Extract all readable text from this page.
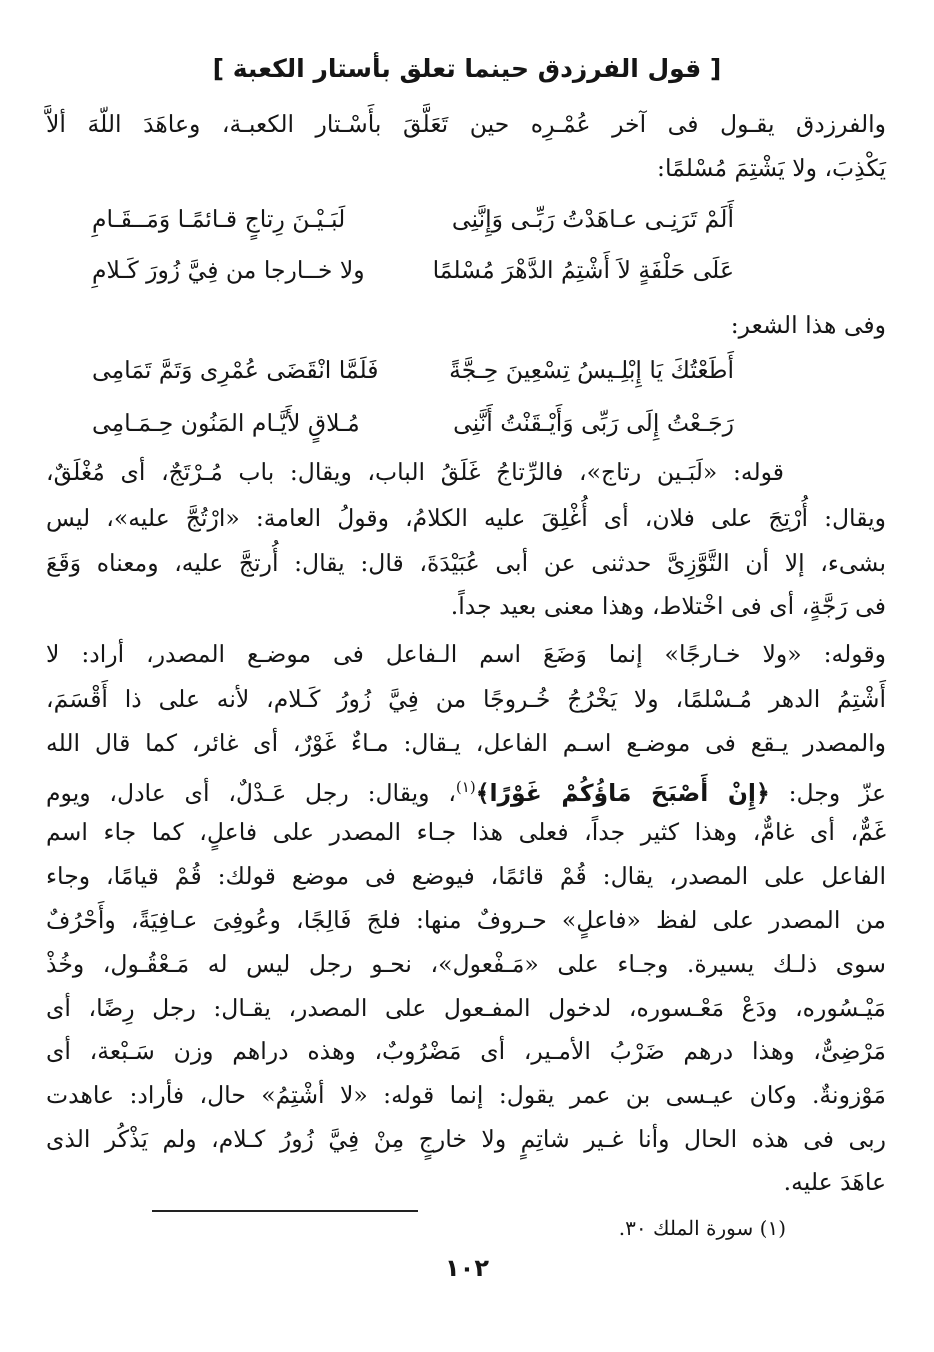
[ قول الفرزدق حينما تعلق بأستار الكعبة ]
والفرزدق يقـول فى آخر عُمْـرِه حين تَعَلَّقَ بأَسْـتار الكعبـة، وعاهَدَ اللّهَ ألاَّ
يَكْذِبَ، ولا يَشْتِمَ مُسْلمًا:
أَلَمْ تَرَنِـى عـاهَدْتُ رَبِّـى وَإِنَّنِى
لَبَـيْـنَ رِتاجٍ قـائمًـا وَمَــقَـامِ
عَلَى حَلْفَةٍ لاَ أَشْتِمُ الدَّهْرَ مُسْلمًا
ولا خــارجا من فِيَّ زُورَ كَـلامِ
وفى هذا الشعر:
أَطَعْتُكَ يَا إِبْلِـيسُ تِسْعِينَ حِـجَّةً
فَلَمَّا انْقَضَى عُمْرِى وَتَمَّ تَمَامِى
رَجَـعْتُ إِلَى رَبِّى وَأَيْـقَنْتُ أَنَّنِى
مُـلاقٍ لأَيَّـام المَنُون حِـمَـامِى
قوله: «لَبَـين رتاج»، فالرِّتاجُ غَلَقُ الباب، ويقال: باب مُـرْتَجٌ، أى مُغْلَقٌ،
ويقال: أُرْتِجَ على فلان، أى أُغْلِقَ عليه الكلامُ، وقولُ العامة: «ارْتُجَّ عليه»، ليس
بشىء، إلا أن التَّوَّزِىَّ حدثنى عن أبى عُبَيْدَةَ، قال: يقال: أُرتجَّ عليه، ومعناه وَقَعَ
فى رَجَّةٍ، أى فى اخْتلاط، وهذا معنى بعيد جداً.
وقوله: «ولا خـارجًا» إنما وَضَعَ اسم الـفاعل فى موضـع المصدر، أراد: لا
أَشْتِمُ الدهر مُـسْلمًا، ولا يَخْرُجُ خُـروجًا من فِيَّ زُورُ كَـلام، لأنه على ذا أَقْسَمَ،
والمصدر يـقع فى موضـع اسـم الفاعل، يـقال: مـاءٌ غَوْرٌ، أى غائر، كما قال الله
عزّ وجل: ﴿إِنْ أَصْبَحَ مَاؤُكُمْ غَوْرًا﴾$^{(١)}$، ويقال: رجل عَـدْلٌ، أى عادل، ويوم
غَمٌّ، أى غامٌّ، وهذا كثير جداً، فعلى هذا جـاء المصدر على فاعلٍ، كما جاء اسم
الفاعل على المصدر، يقال: قُمْ قائمًا، فيوضع فى موضع قولك: قُمْ قيامًا، وجاء
من المصدر على لفظ «فاعلٍ» حـروفٌ منها: فلجَ فَالِجًا، وعُوفِىَ عـافِيَةً، وأَحْرُفٌ
سوى ذلـك يسيرة. وجـاء على «مَـفْعول»، نحـو رجل ليس له مَـعْقُـول، وخُذْ
مَيْـسُوره، ودَعْ مَعْـسوره، لدخول المفـعول على المصدر، يقـال: رجل رِضًا، أى
مَرْضِىٌّ، وهذا درهم ضَرْبُ الأمـير، أى مَضْرُوبٌ، وهذه دراهم وزن سَـبْعة، أى
مَوْزونةٌ. وكان عيـسى بن عمر يقول: إنما قوله: «لا أشْتِمُ» حال، فأراد: عاهدت
ربى فى هذه الحال وأنا غـير شاتِمٍ ولا خارجٍ مِنْ فِيَّ زُورُ كـلام، ولم يَذْكُر الذى
عاهَدَ عليه.
(١) سورة الملك ٣٠.
١٠٢
